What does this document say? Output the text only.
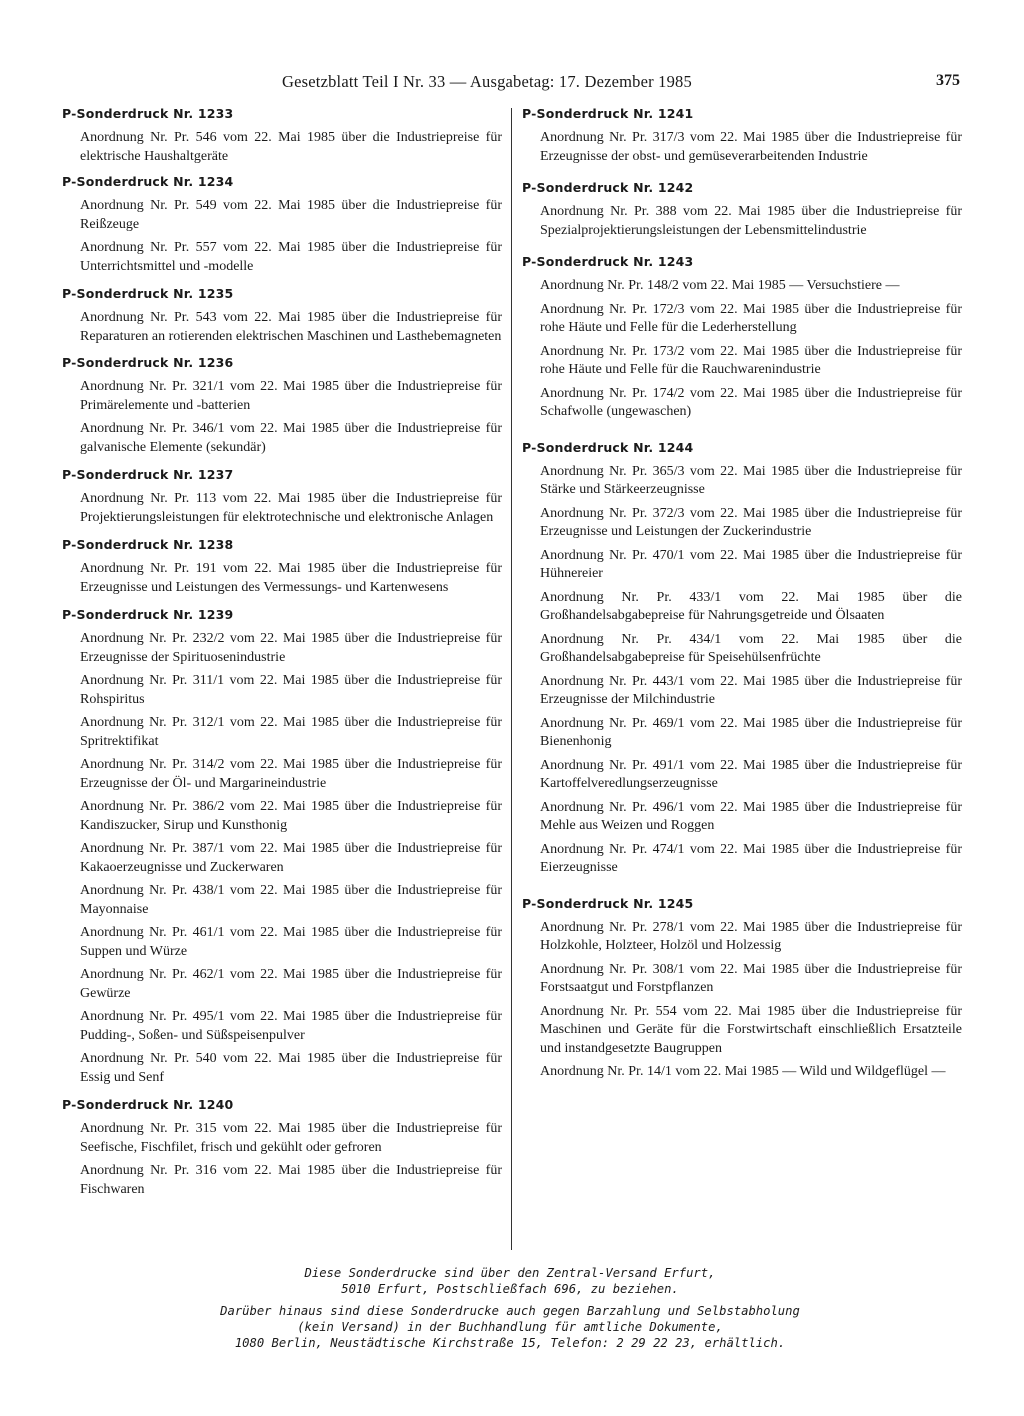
Gesetzblatt Teil I Nr. 33 — Ausgabetag: 17. Dezember 1985	375
P-Sonderdruck Nr. 1233
Anordnung Nr. Pr. 546 vom 22. Mai 1985 über die Industriepreise für elektrische Haushaltgeräte
P-Sonderdruck Nr. 1234
Anordnung Nr. Pr. 549 vom 22. Mai 1985 über die Industriepreise für Reißzeuge
Anordnung Nr. Pr. 557 vom 22. Mai 1985 über die Industriepreise für Unterrichtsmittel und -modelle
P-Sonderdruck Nr. 1235
Anordnung Nr. Pr. 543 vom 22. Mai 1985 über die Industriepreise für Reparaturen an rotierenden elektrischen Maschinen und Lasthebemagneten
P-Sonderdruck Nr. 1236
Anordnung Nr. Pr. 321/1 vom 22. Mai 1985 über die Industriepreise für Primärelemente und -batterien
Anordnung Nr. Pr. 346/1 vom 22. Mai 1985 über die Industriepreise für galvanische Elemente (sekundär)
P-Sonderdruck Nr. 1237
Anordnung Nr. Pr. 113 vom 22. Mai 1985 über die Industriepreise für Projektierungsleistungen für elektrotechnische und elektronische Anlagen
P-Sonderdruck Nr. 1238
Anordnung Nr. Pr. 191 vom 22. Mai 1985 über die Industriepreise für Erzeugnisse und Leistungen des Vermessungs- und Kartenwesens
P-Sonderdruck Nr. 1239
Anordnung Nr. Pr. 232/2 vom 22. Mai 1985 über die Industriepreise für Erzeugnisse der Spirituosenindustrie
Anordnung Nr. Pr. 311/1 vom 22. Mai 1985 über die Industriepreise für Rohspiritus
Anordnung Nr. Pr. 312/1 vom 22. Mai 1985 über die Industriepreise für Spritrektifikat
Anordnung Nr. Pr. 314/2 vom 22. Mai 1985 über die Industriepreise für Erzeugnisse der Öl- und Margarineindustrie
Anordnung Nr. Pr. 386/2 vom 22. Mai 1985 über die Industriepreise für Kandiszucker, Sirup und Kunsthonig
Anordnung Nr. Pr. 387/1 vom 22. Mai 1985 über die Industriepreise für Kakaoerzeugnisse und Zuckerwaren
Anordnung Nr. Pr. 438/1 vom 22. Mai 1985 über die Industriepreise für Mayonnaise
Anordnung Nr. Pr. 461/1 vom 22. Mai 1985 über die Industriepreise für Suppen und Würze
Anordnung Nr. Pr. 462/1 vom 22. Mai 1985 über die Industriepreise für Gewürze
Anordnung Nr. Pr. 495/1 vom 22. Mai 1985 über die Industriepreise für Pudding-, Soßen- und Süßspeisenpulver
Anordnung Nr. Pr. 540 vom 22. Mai 1985 über die Industriepreise für Essig und Senf
P-Sonderdruck Nr. 1240
Anordnung Nr. Pr. 315 vom 22. Mai 1985 über die Industriepreise für Seefische, Fischfilet, frisch und gekühlt oder gefroren
Anordnung Nr. Pr. 316 vom 22. Mai 1985 über die Industriepreise für Fischwaren
P-Sonderdruck Nr. 1241
Anordnung Nr. Pr. 317/3 vom 22. Mai 1985 über die Industriepreise für Erzeugnisse der obst- und gemüseverarbeitenden Industrie
P-Sonderdruck Nr. 1242
Anordnung Nr. Pr. 388 vom 22. Mai 1985 über die Industriepreise für Spezialprojektierungsleistungen der Lebensmittelindustrie
P-Sonderdruck Nr. 1243
Anordnung Nr. Pr. 148/2 vom 22. Mai 1985 — Versuchstiere —
Anordnung Nr. Pr. 172/3 vom 22. Mai 1985 über die Industriepreise für rohe Häute und Felle für die Lederherstellung
Anordnung Nr. Pr. 173/2 vom 22. Mai 1985 über die Industriepreise für rohe Häute und Felle für die Rauchwarenindustrie
Anordnung Nr. Pr. 174/2 vom 22. Mai 1985 über die Industriepreise für Schafwolle (ungewaschen)
P-Sonderdruck Nr. 1244
Anordnung Nr. Pr. 365/3 vom 22. Mai 1985 über die Industriepreise für Stärke und Stärkeerzeugnisse
Anordnung Nr. Pr. 372/3 vom 22. Mai 1985 über die Industriepreise für Erzeugnisse und Leistungen der Zuckerindustrie
Anordnung Nr. Pr. 470/1 vom 22. Mai 1985 über die Industriepreise für Hühnereier
Anordnung Nr. Pr. 433/1 vom 22. Mai 1985 über die Großhandelsabgabepreise für Nahrungsgetreide und Ölsaaten
Anordnung Nr. Pr. 434/1 vom 22. Mai 1985 über die Großhandelsabgabepreise für Speisehülsenfrüchte
Anordnung Nr. Pr. 443/1 vom 22. Mai 1985 über die Industriepreise für Erzeugnisse der Milchindustrie
Anordnung Nr. Pr. 469/1 vom 22. Mai 1985 über die Industriepreise für Bienenhonig
Anordnung Nr. Pr. 491/1 vom 22. Mai 1985 über die Industriepreise für Kartoffelveredlungserzeugnisse
Anordnung Nr. Pr. 496/1 vom 22. Mai 1985 über die Industriepreise für Mehle aus Weizen und Roggen
Anordnung Nr. Pr. 474/1 vom 22. Mai 1985 über die Industriepreise für Eierzeugnisse
P-Sonderdruck Nr. 1245
Anordnung Nr. Pr. 278/1 vom 22. Mai 1985 über die Industriepreise für Holzkohle, Holzteer, Holzöl und Holzessig
Anordnung Nr. Pr. 308/1 vom 22. Mai 1985 über die Industriepreise für Forstsaatgut und Forstpflanzen
Anordnung Nr. Pr. 554 vom 22. Mai 1985 über die Industriepreise für Maschinen und Geräte für die Forstwirtschaft einschließlich Ersatzteile und instandgesetzte Baugruppen
Anordnung Nr. Pr. 14/1 vom 22. Mai 1985 — Wild und Wildgeflügel —

Diese Sonderdrucke sind über den Zentral-Versand Erfurt,

5010 Erfurt, Postschließfach 696, zu beziehen.

Darüber hinaus sind diese Sonderdrucke auch gegen Barzahlung und Selbstabholung

(kein Versand) in der Buchhandlung für amtliche Dokumente,

1080 Berlin, Neustädtische Kirchstraße 15, Telefon: 2 29 22 23, erhältlich.
